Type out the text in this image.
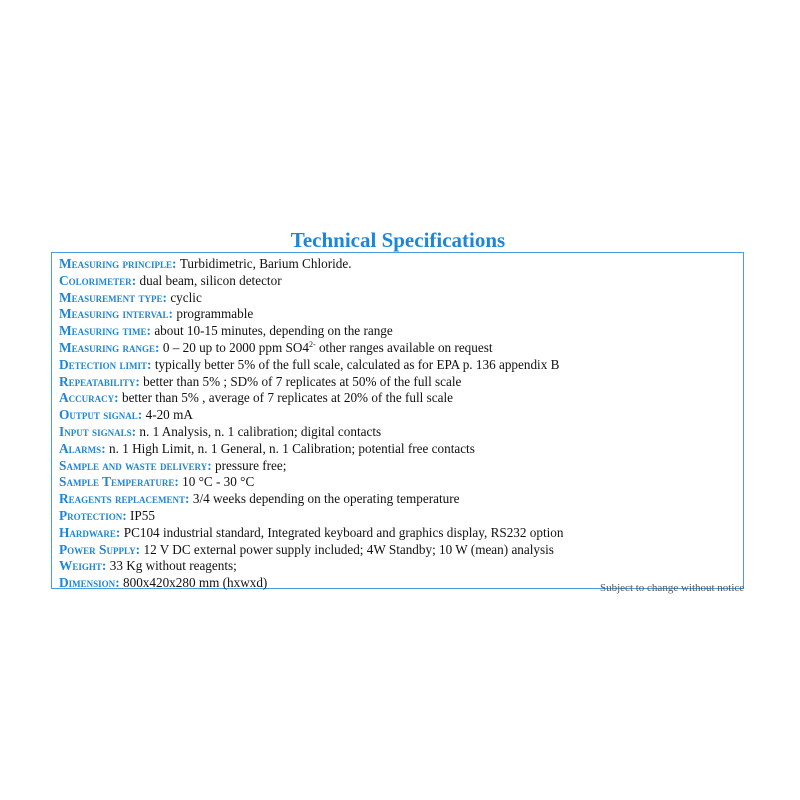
Technical Specifications
Measuring principle: Turbidimetric, Barium Chloride.
Colorimeter: dual beam, silicon detector
Measurement type: cyclic
Measuring interval: programmable
Measuring time: about 10-15 minutes, depending on the range
Measuring range: 0 – 20 up to 2000 ppm $SO4^{2-}$ other ranges available on request
Detection limit: typically better 5% of the full scale, calculated as for EPA p. 136 appendix B
Repeatability: better than 5% ; SD% of 7 replicates at 50% of the full scale
Accuracy: better than 5% , average of 7 replicates at 20% of the full scale
Output signal: 4-20 mA
Input signals: n. 1 Analysis, n. 1 calibration; digital contacts
Alarms: n. 1 High Limit, n. 1 General, n. 1 Calibration; potential free contacts
Sample and waste delivery: pressure free;
Sample Temperature: 10 °C - 30 °C
Reagents replacement: 3/4 weeks depending on the operating temperature
Protection: IP55
Hardware: PC104 industrial standard, Integrated keyboard and graphics display, RS232 option
Power Supply: 12 V DC external power supply included; 4W Standby; 10 W (mean) analysis
Weight: 33 Kg without reagents;
Dimension: 800x420x280 mm (hxwxd)	Subject to change without notice
